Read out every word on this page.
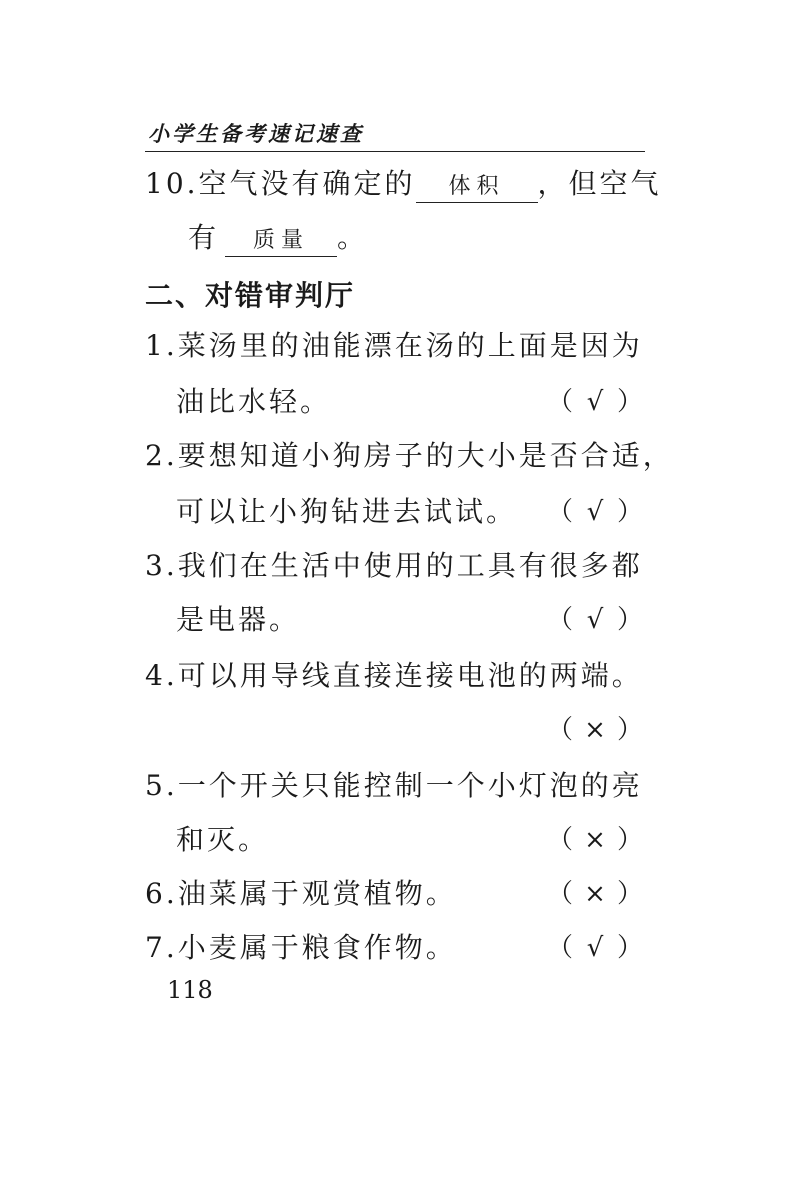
小学生备考速记速查
10.空气没有确定的 体积 ，但空气
有 质量 。
二、对错审判厅
1.菜汤里的油能漂在汤的上面是因为
油比水轻。	（ √ ）
2.要想知道小狗房子的大小是否合适，
可以让小狗钻进去试试。 （ √ ）
3.我们在生活中使用的工具有很多都
是电器。	（ √ ）
4.可以用导线直接连接电池的两端。
（ × ）
5.一个开关只能控制一个小灯泡的亮
和灭。	（ × ）
6.油菜属于观赏植物。	（ × ）
7.小麦属于粮食作物。	（ √ ）
118
